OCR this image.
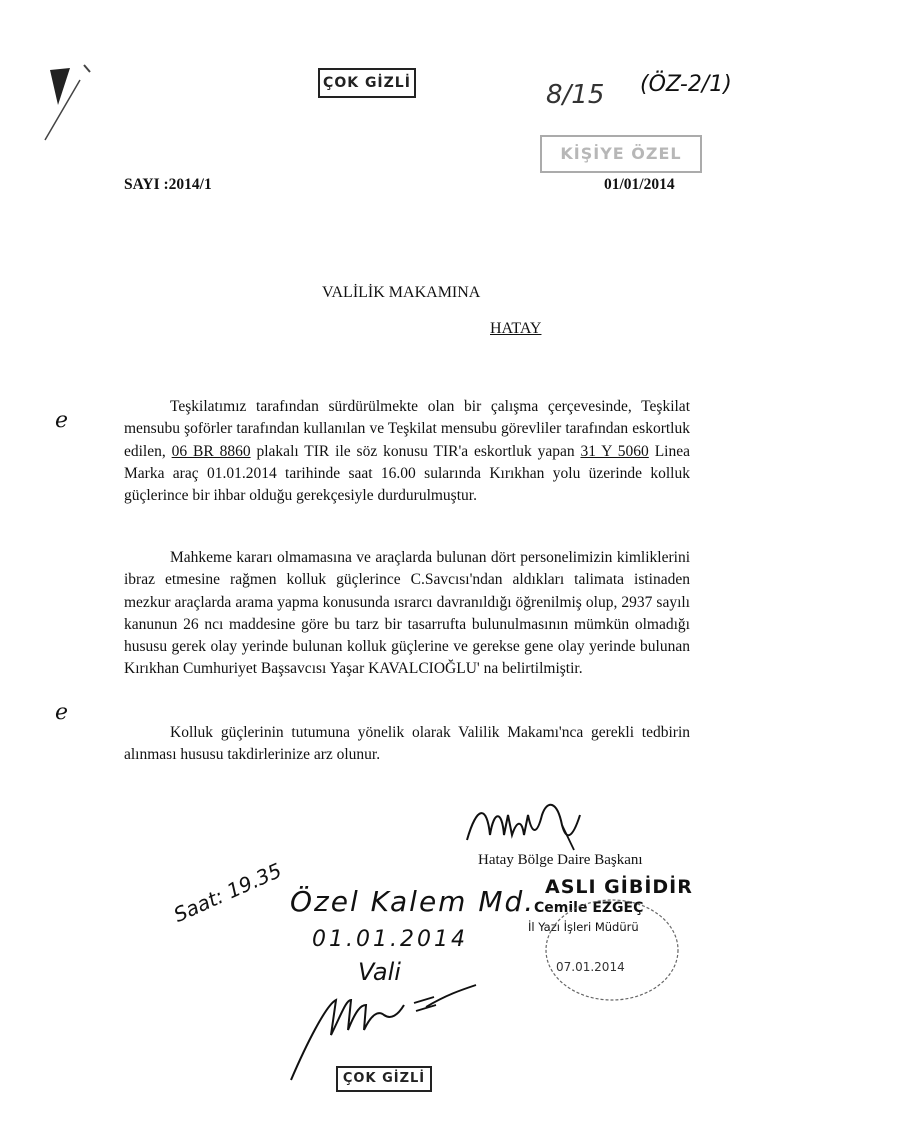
ÇOK GİZLİ	8/15 (ÖZ-2/1)
KİŞİYE ÖZEL
SAYI :2014/1	01/01/2014
VALİLİK MAKAMINA
HATAY
ℯ
ℯ

Teşkilatımız tarafından sürdürülmekte olan bir çalışma çerçevesinde, Teşkilat mensubu şoförler tarafından kullanılan ve Teşkilat mensubu görevliler tarafından eskortluk edilen, 06 BR 8860 plakalı TIR ile söz konusu TIR'a eskortluk yapan 31 Y 5060 Linea Marka araç 01.01.2014 tarihinde saat 16.00 sularında Kırıkhan yolu üzerinde kolluk güçlerince bir ihbar olduğu gerekçesiyle durdurulmuştur.

Mahkeme kararı olmamasına ve araçlarda bulunan dört personelimizin kimliklerini ibraz etmesine rağmen kolluk güçlerince C.Savcısı'ndan aldıkları talimata istinaden mezkur araçlarda arama yapma konusunda ısrarcı davranıldığı öğrenilmiş olup, 2937 sayılı kanunun 26 ncı maddesine göre bu tarz bir tasarrufta bulunulmasının mümkün olmadığı hususu gerek olay yerinde bulunan kolluk güçlerine ve gerekse gene olay yerinde bulunan Kırıkhan Cumhuriyet Başsavcısı Yaşar KAVALCIOĞLU' na belirtilmiştir.

Kolluk güçlerinin tutumuna yönelik olarak Valilik Makamı'nca gerekli tedbirin alınması hususu takdirlerinize arz olunur.

Hatay Bölge Daire Başkanı
ASLI GİBİDİR
Cemile EZGEÇ
İl Yazı İşleri Müdürü
07.01.2014
Saat: 19.35 Özel Kalem Md.
01.01.2014
Vali
ÇOK GİZLİ
